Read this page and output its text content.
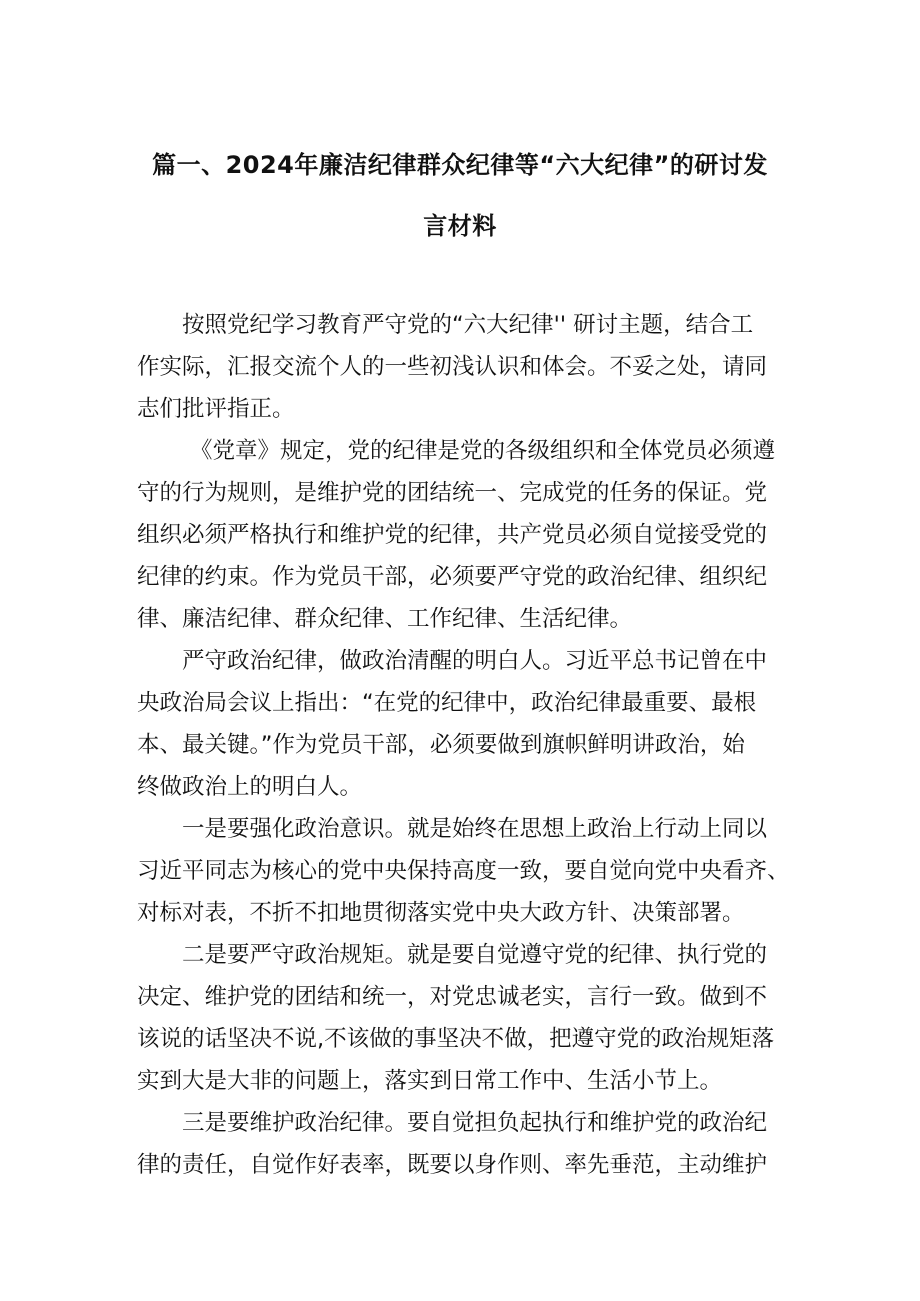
篇一、2024年廉洁纪律群众纪律等“六大纪律”的研讨发
言材料
按照党纪学习教育严守党的“六大纪律'' 研讨主题，结合工
作实际，汇报交流个人的一些初浅认识和体会。不妥之处，请同
志们批评指正。
《党章》规定，党的纪律是党的各级组织和全体党员必须遵
守的行为规则，是维护党的团结统一、完成党的任务的保证。党
组织必须严格执行和维护党的纪律，共产党员必须自觉接受党的
纪律的约束。作为党员干部，必须要严守党的政治纪律、组织纪
律、廉洁纪律、群众纪律、工作纪律、生活纪律。
严守政治纪律，做政治清醒的明白人。习近平总书记曾在中
央政治局会议上指出：“在党的纪律中，政治纪律最重要、最根
本、最关键。”作为党员干部，必须要做到旗帜鲜明讲政治，始
终做政治上的明白人。
一是要强化政治意识。就是始终在思想上政治上行动上同以
习近平同志为核心的党中央保持高度一致，要自觉向党中央看齐、
对标对表，不折不扣地贯彻落实党中央大政方针、决策部署。
二是要严守政治规矩。就是要自觉遵守党的纪律、执行党的
决定、维护党的团结和统一，对党忠诚老实，言行一致。做到不
该说的话坚决不说,不该做的事坚决不做，把遵守党的政治规矩落
实到大是大非的问题上，落实到日常工作中、生活小节上。
三是要维护政治纪律。要自觉担负起执行和维护党的政治纪
律的责任，自觉作好表率，既要以身作则、率先垂范，主动维护
